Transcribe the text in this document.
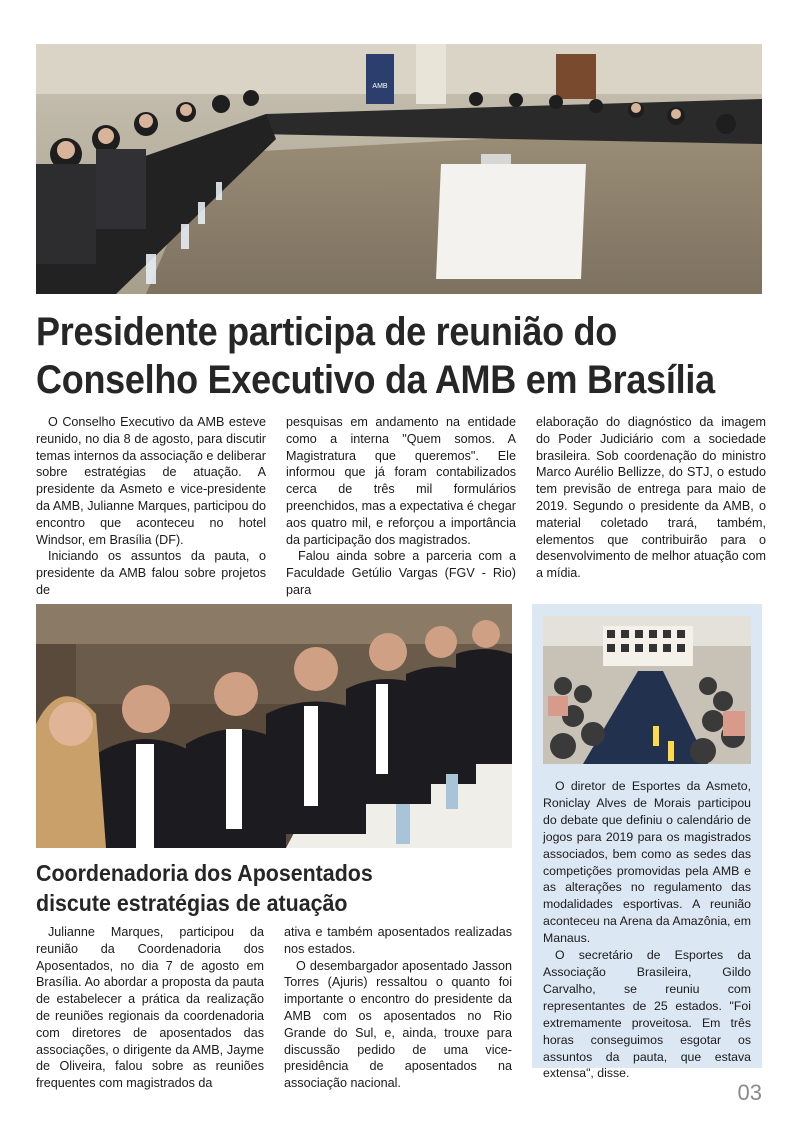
AMB
Presidente participa de reunião do
Conselho Executivo da AMB em Brasília

O Conselho Executivo da AMB esteve reunido, no dia 8 de agosto, para discutir temas internos da associação e deliberar sobre estratégias de atuação. A presidente da Asmeto e vice-presidente da AMB, Julianne Marques, participou do encontro que aconteceu no hotel Windsor, em Brasília (DF).

Iniciando os assuntos da pauta, o presidente da AMB falou sobre projetos de

pesquisas em andamento na entidade como a interna "Quem somos. A Magistratura que queremos". Ele informou que já foram contabilizados cerca de três mil formulários preenchidos, mas a expectativa é chegar aos quatro mil, e reforçou a importância da participação dos magistrados.

Falou ainda sobre a parceria com a Faculdade Getúlio Vargas (FGV - Rio) para

elaboração do diagnóstico da imagem do Poder Judiciário com a sociedade brasileira. Sob coordenação do ministro Marco Aurélio Bellizze, do STJ, o estudo tem previsão de entrega para maio de 2019. Segundo o presidente da AMB, o material coletado trará, também, elementos que contribuirão para o desenvolvimento de melhor atuação com a mídia.

Coordenadoria dos Aposentados
discute estratégias de atuação

Julianne Marques, participou da reunião da Coordenadoria dos Aposentados, no dia 7 de agosto em Brasília. Ao abordar a proposta da pauta de estabelecer a prática da realização de reuniões regionais da coordenadoria com diretores de aposentados das associações, o dirigente da AMB, Jayme de Oliveira, falou sobre as reuniões frequentes com magistrados da

ativa e também aposentados realizadas nos estados.

O desembargador aposentado Jasson Torres (Ajuris) ressaltou o quanto foi importante o encontro do presidente da AMB com os aposentados no Rio Grande do Sul, e, ainda, trouxe para discussão pedido de uma vice-presidência de aposentados na associação nacional.

O diretor de Esportes da Asmeto, Roniclay Alves de Morais participou do debate que definiu o calendário de jogos para 2019 para os magistrados associados, bem como as sedes das competições promovidas pela AMB e as alterações no regulamento das modalidades esportivas. A reunião aconteceu na Arena da Amazônia, em Manaus.

O secretário de Esportes da Associação Brasileira, Gildo Carvalho, se reuniu com representantes de 25 estados. "Foi extremamente proveitosa. Em três horas conseguimos esgotar os assuntos da pauta, que estava extensa", disse.

03
